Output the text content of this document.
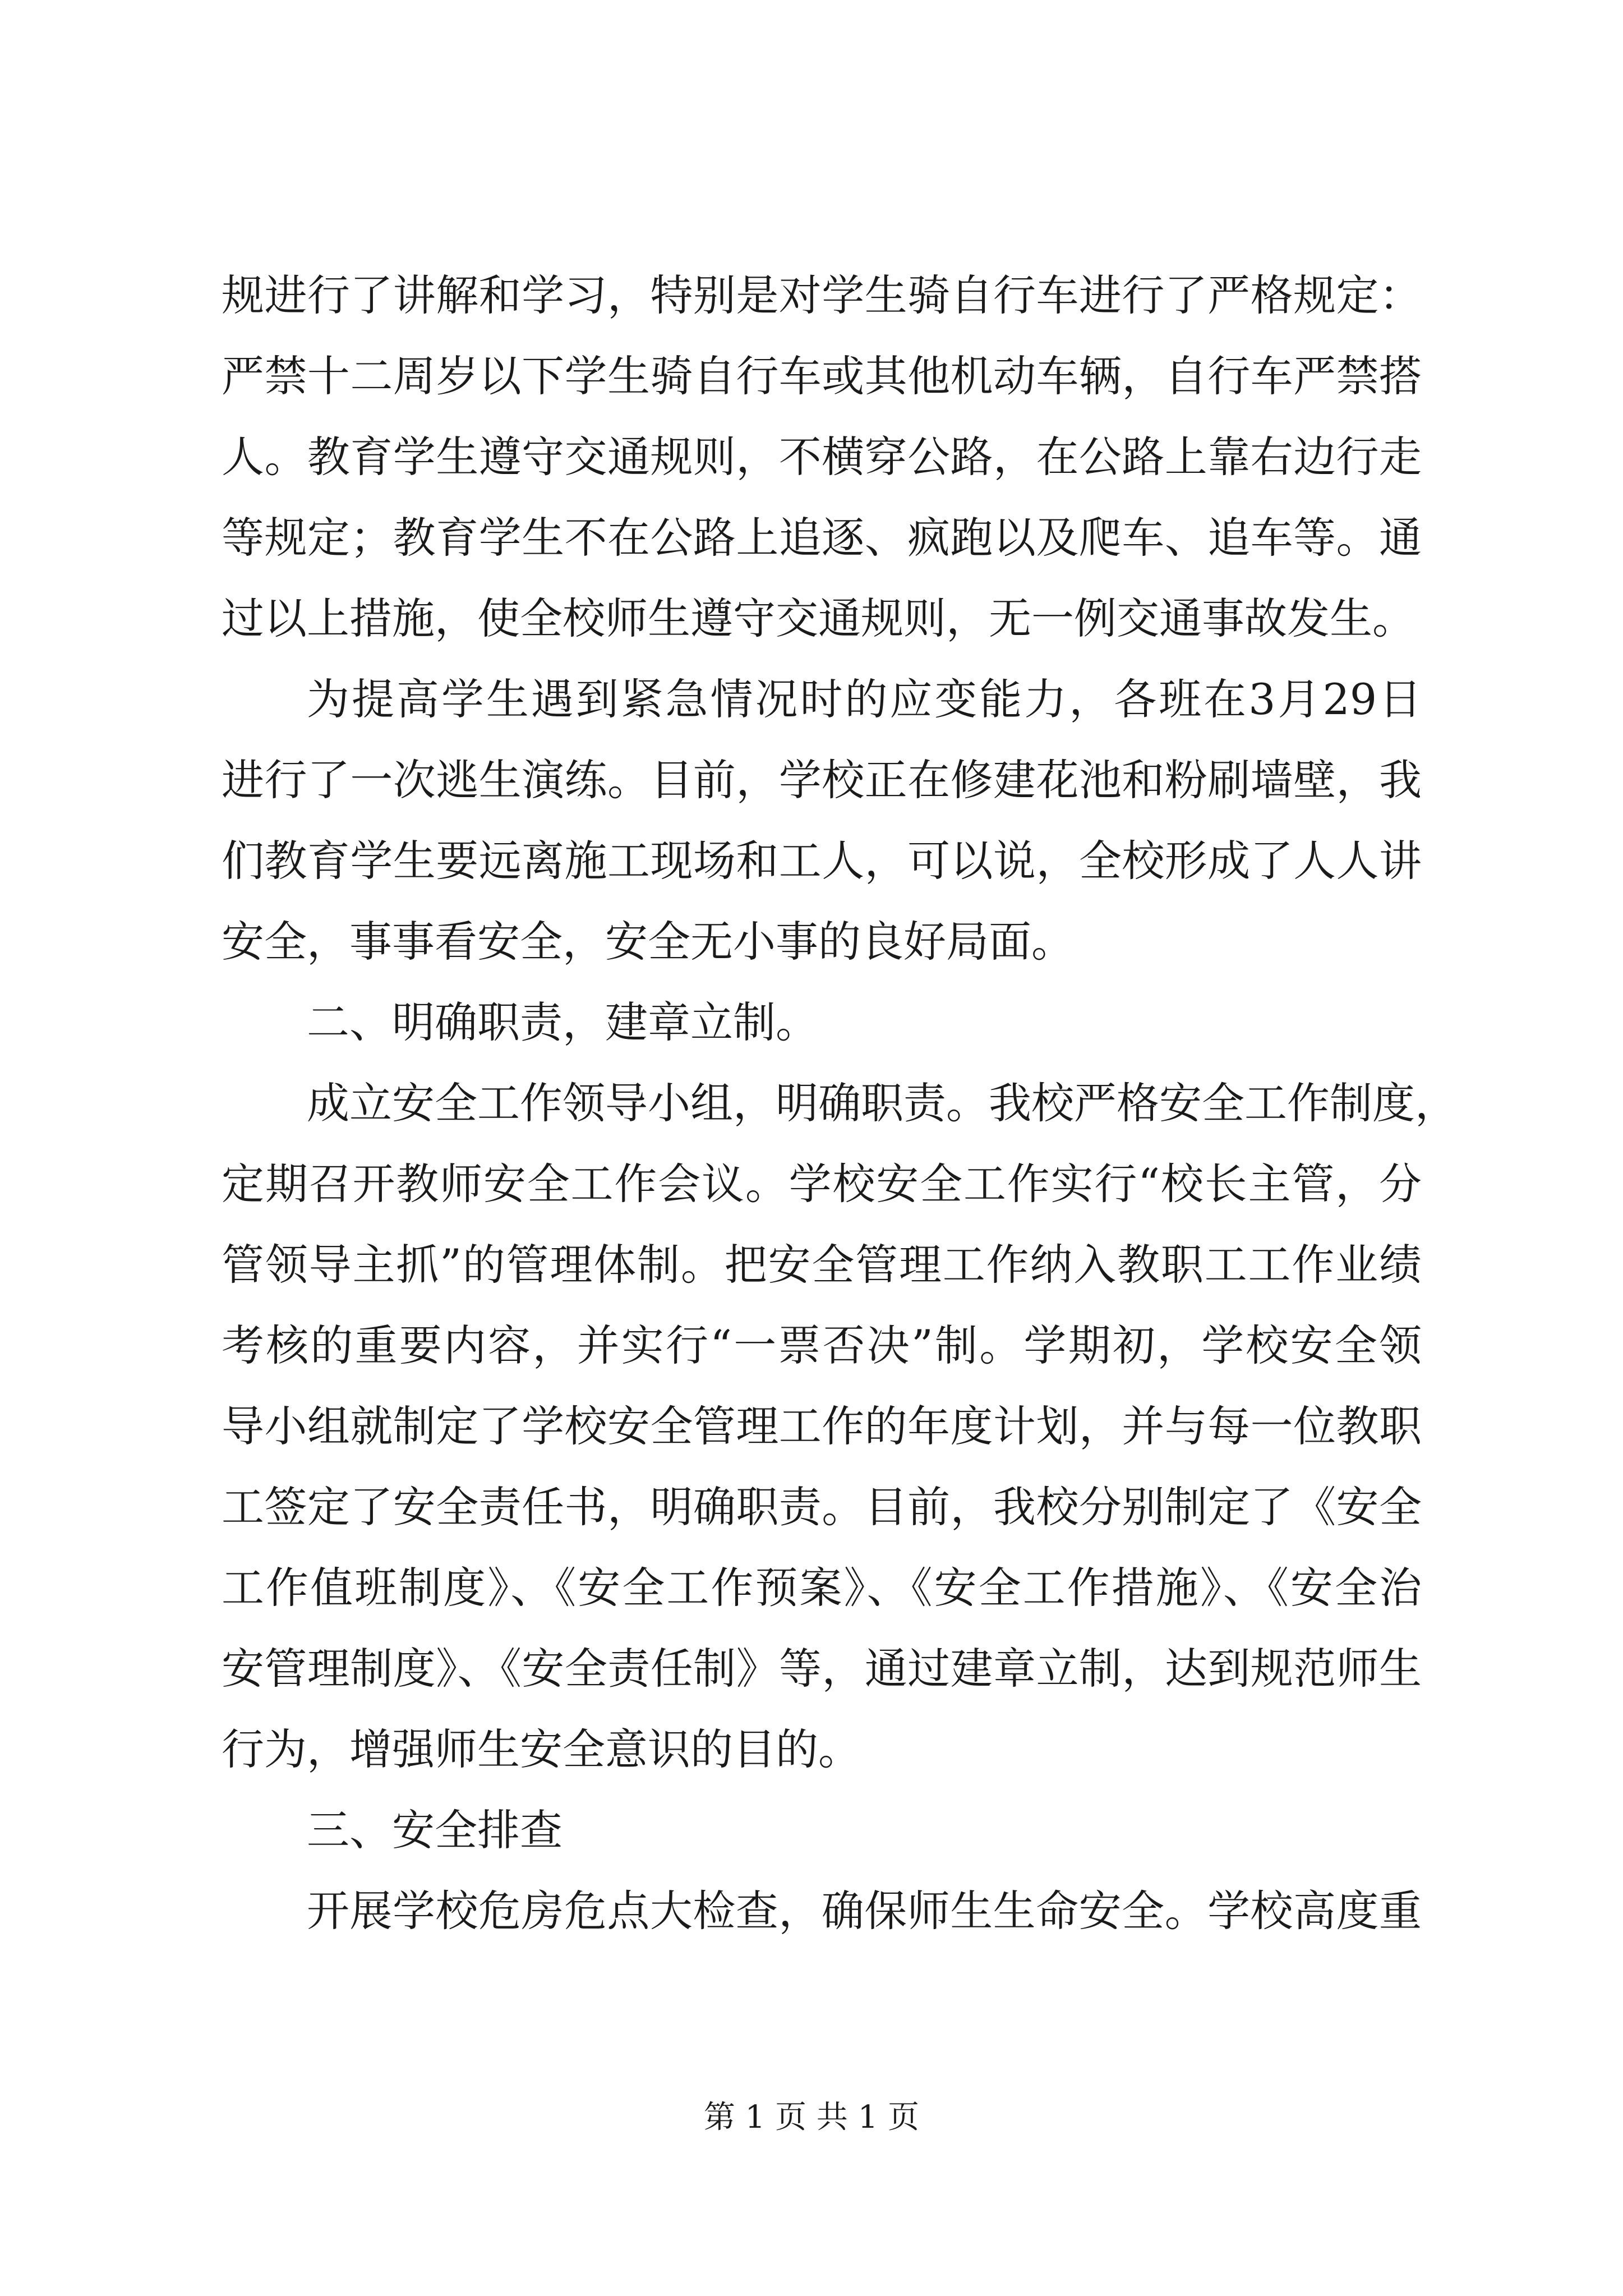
规进行了讲解和学习，特别是对学生骑自行车进行了严格规定：
严禁十二周岁以下学生骑自行车或其他机动车辆，自行车严禁搭
人。教育学生遵守交通规则，不横穿公路，在公路上靠右边行走
等规定；教育学生不在公路上追逐、疯跑以及爬车、追车等。通
过以上措施，使全校师生遵守交通规则，无一例交通事故发生。
为提高学生遇到紧急情况时的应变能力，各班在3月29日
进行了一次逃生演练。目前，学校正在修建花池和粉刷墙壁，我
们教育学生要远离施工现场和工人，可以说，全校形成了人人讲
安全，事事看安全，安全无小事的良好局面。
二、明确职责，建章立制。
成立安全工作领导小组，明确职责。我校严格安全工作制度，
定期召开教师安全工作会议。学校安全工作实行“校长主管，分
管领导主抓”的管理体制。把安全管理工作纳入教职工工作业绩
考核的重要内容，并实行“一票否决”制。学期初，学校安全领
导小组就制定了学校安全管理工作的年度计划，并与每一位教职
工签定了安全责任书，明确职责。目前，我校分别制定了《安全
工作值班制度》、《安全工作预案》、《安全工作措施》、《安全治
安管理制度》、《安全责任制》等，通过建章立制，达到规范师生
行为，增强师生安全意识的目的。
三、安全排查
开展学校危房危点大检查，确保师生生命安全。学校高度重
第 1 页 共 1 页
